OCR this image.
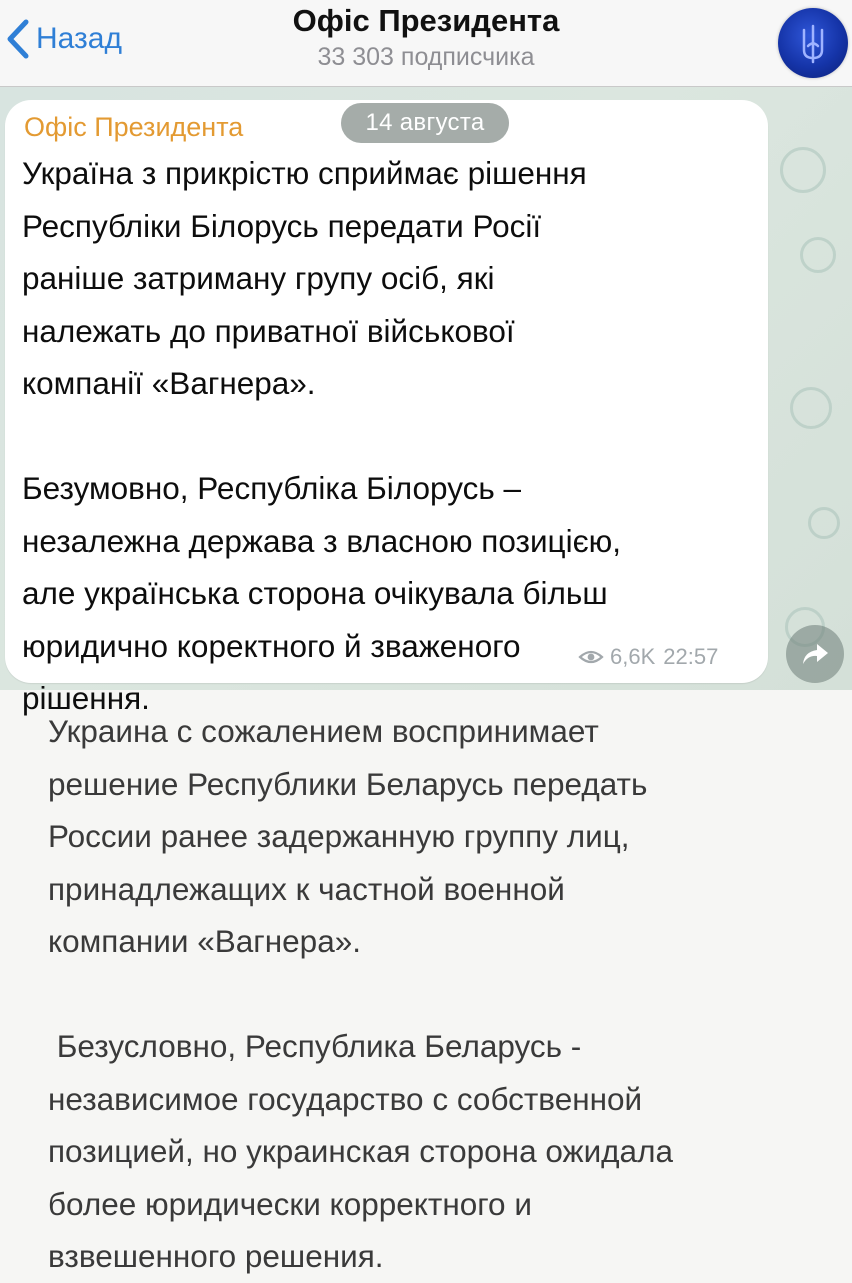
Назад
Офіс Президента
33 303 подписчика
Офіс Президента	14 августа

Україна з прикрістю сприймає рішення

Республіки Білорусь передати Росії

раніше затриману групу осіб, які

належать до приватної військової

компанії «Вагнера».

Безумовно, Республіка Білорусь –

незалежна держава з власною позицією,

але українська сторона очікувала більш

юридично коректного й зваженого

рішення.

6,6K 22:57

Украина с сожалением воспринимает

решение Республики Беларусь передать

России ранее задержанную группу лиц,

принадлежащих к частной военной

компании «Вагнера».

Безусловно, Республика Беларусь -

независимое государство с собственной

позицией, но украинская сторона ожидала

более юридически корректного и

взвешенного решения.
